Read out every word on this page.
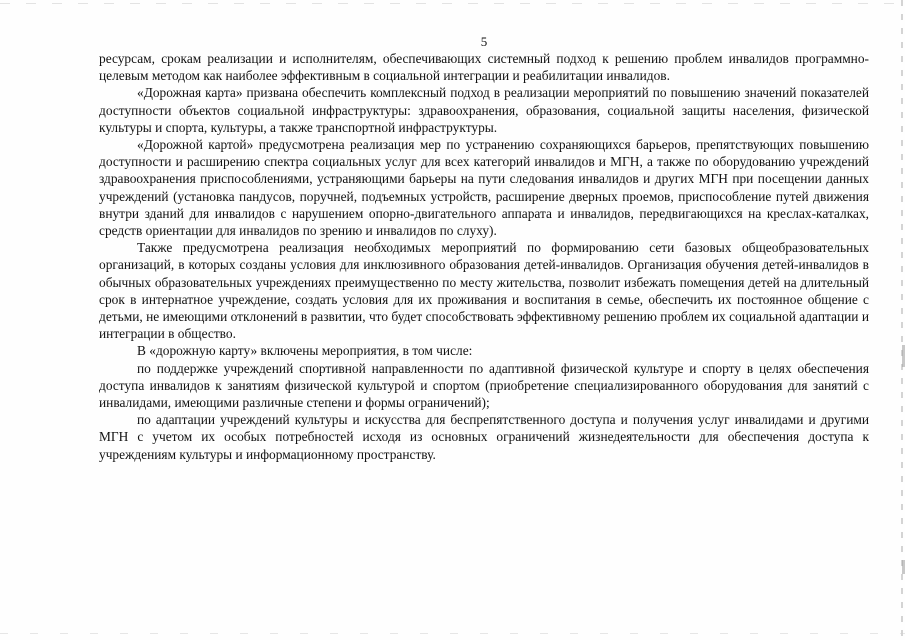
5

ресурсам, срокам реализации и исполнителям, обеспечивающих системный подход к решению проблем инвалидов программно-целевым методом как наиболее эффективным в социальной интеграции и реабилитации инвалидов.

«Дорожная карта» призвана обеспечить комплексный подход в реализации мероприятий по повышению значений показателей доступности объектов социальной инфраструктуры: здравоохранения, образования, социальной защиты населения, физической культуры и спорта, культуры, а также транспортной инфраструктуры.

«Дорожной картой» предусмотрена реализация мер по устранению сохраняющихся барьеров, препятствующих повышению доступности и расширению спектра социальных услуг для всех категорий инвалидов и МГН, а также по оборудованию учреждений здравоохранения приспособлениями, устраняющими барьеры на пути следования инвалидов и других МГН при посещении данных учреждений (установка пандусов, поручней, подъемных устройств, расширение дверных проемов, приспособление путей движения внутри зданий для инвалидов с нарушением опорно-двигательного аппарата и инвалидов, передвигающихся на креслах-каталках, средств ориентации для инвалидов по зрению и инвалидов по слуху).

Также предусмотрена реализация необходимых мероприятий по формированию сети базовых общеобразовательных организаций, в которых созданы условия для инклюзивного образования детей-инвалидов. Организация обучения детей-инвалидов в обычных образовательных учреждениях преимущественно по месту жительства, позволит избежать помещения детей на длительный срок в интернатное учреждение, создать условия для их проживания и воспитания в семье, обеспечить их постоянное общение с детьми, не имеющими отклонений в развитии, что будет способствовать эффективному решению проблем их социальной адаптации и интеграции в общество.

В «дорожную карту» включены мероприятия, в том числе:

по поддержке учреждений спортивной направленности по адаптивной физической культуре и спорту в целях обеспечения доступа инвалидов к занятиям физической культурой и спортом (приобретение специализированного оборудования для занятий с инвалидами, имеющими различные степени и формы ограничений);

по адаптации учреждений культуры и искусства для беспрепятственного доступа и получения услуг инвалидами и другими МГН с учетом их особых потребностей исходя из основных ограничений жизнедеятельности для обеспечения доступа к учреждениям культуры и информационному пространству.
